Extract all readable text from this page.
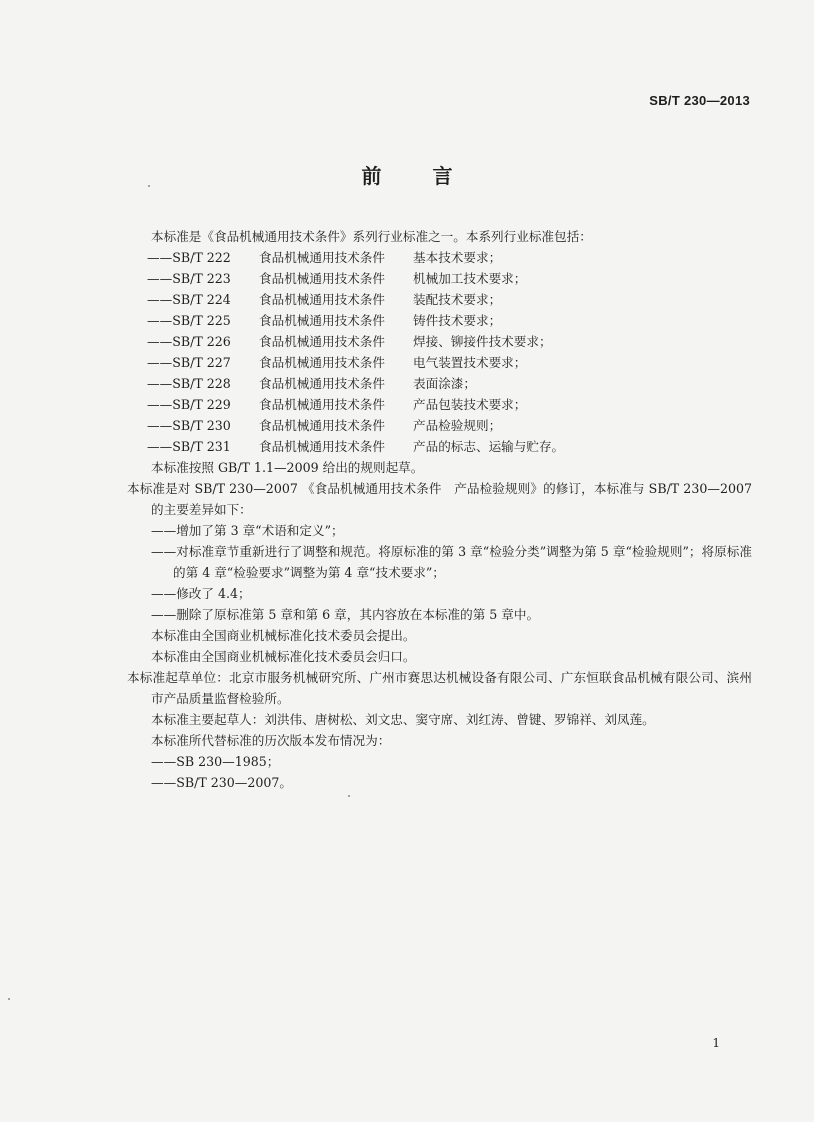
SB/T 230—2013
前 言

本标准是《食品机械通用技术条件》系列行业标准之一。本系列行业标准包括：

——SB/T 222 食品机械通用技术条件 基本技术要求；
——SB/T 223 食品机械通用技术条件 机械加工技术要求；
——SB/T 224 食品机械通用技术条件 装配技术要求；
——SB/T 225 食品机械通用技术条件 铸件技术要求；
——SB/T 226 食品机械通用技术条件 焊接、铆接件技术要求；
——SB/T 227 食品机械通用技术条件 电气装置技术要求；
——SB/T 228 食品机械通用技术条件 表面涂漆；
——SB/T 229 食品机械通用技术条件 产品包装技术要求；
——SB/T 230 食品机械通用技术条件 产品检验规则；
——SB/T 231 食品机械通用技术条件 产品的标志、运输与贮存。

本标准按照 GB/T 1.1—2009 给出的规则起草。

本标准是对 SB/T 230—2007 《食品机械通用技术条件　产品检验规则》的修订，本标准与 SB/T 230—2007 的主要差异如下：

——增加了第 3 章“术语和定义”；

——对标准章节重新进行了调整和规范。将原标准的第 3 章“检验分类”调整为第 5 章“检验规则”；将原标准的第 4 章“检验要求”调整为第 4 章“技术要求”；

——修改了 4.4；

——删除了原标准第 5 章和第 6 章，其内容放在本标准的第 5 章中。

本标准由全国商业机械标准化技术委员会提出。

本标准由全国商业机械标准化技术委员会归口。

本标准起草单位：北京市服务机械研究所、广州市赛思达机械设备有限公司、广东恒联食品机械有限公司、滨州市产品质量监督检验所。

本标准主要起草人：刘洪伟、唐树松、刘文忠、窦守席、刘红涛、曾键、罗锦祥、刘凤莲。

本标准所代替标准的历次版本发布情况为：

——SB 230—1985；

——SB/T 230—2007。

1
